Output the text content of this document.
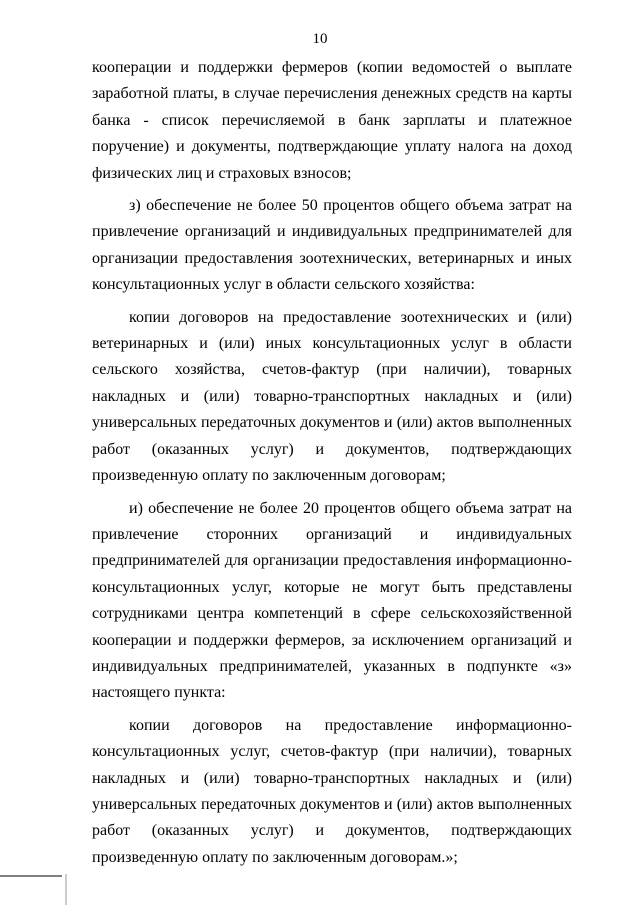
10

кооперации и поддержки фермеров (копии ведомостей о выплате заработной платы, в случае перечисления денежных средств на карты банка - список перечисляемой в банк зарплаты и платежное поручение) и документы, подтверждающие уплату налога на доход физических лиц и страховых взносов;

з) обеспечение не более 50 процентов общего объема затрат на привлечение организаций и индивидуальных предпринимателей для организации предоставления зоотехнических, ветеринарных и иных консультационных услуг в области сельского хозяйства:

копии договоров на предоставление зоотехнических и (или) ветеринарных и (или) иных консультационных услуг в области сельского хозяйства, счетов-фактур (при наличии), товарных накладных и (или) товарно-транспортных накладных и (или) универсальных передаточных документов и (или) актов выполненных работ (оказанных услуг) и документов, подтверждающих произведенную оплату по заключенным договорам;

и) обеспечение не более 20 процентов общего объема затрат на привлечение сторонних организаций и индивидуальных предпринимателей для организации предоставления информационно-консультационных услуг, которые не могут быть представлены сотрудниками центра компетенций в сфере сельскохозяйственной кооперации и поддержки фермеров, за исключением организаций и индивидуальных предпринимателей, указанных в подпункте «з» настоящего пункта:

копии договоров на предоставление информационно-консультационных услуг, счетов-фактур (при наличии), товарных накладных и (или) товарно-транспортных накладных и (или) универсальных передаточных документов и (или) актов выполненных работ (оказанных услуг) и документов, подтверждающих произведенную оплату по заключенным договорам.»;
